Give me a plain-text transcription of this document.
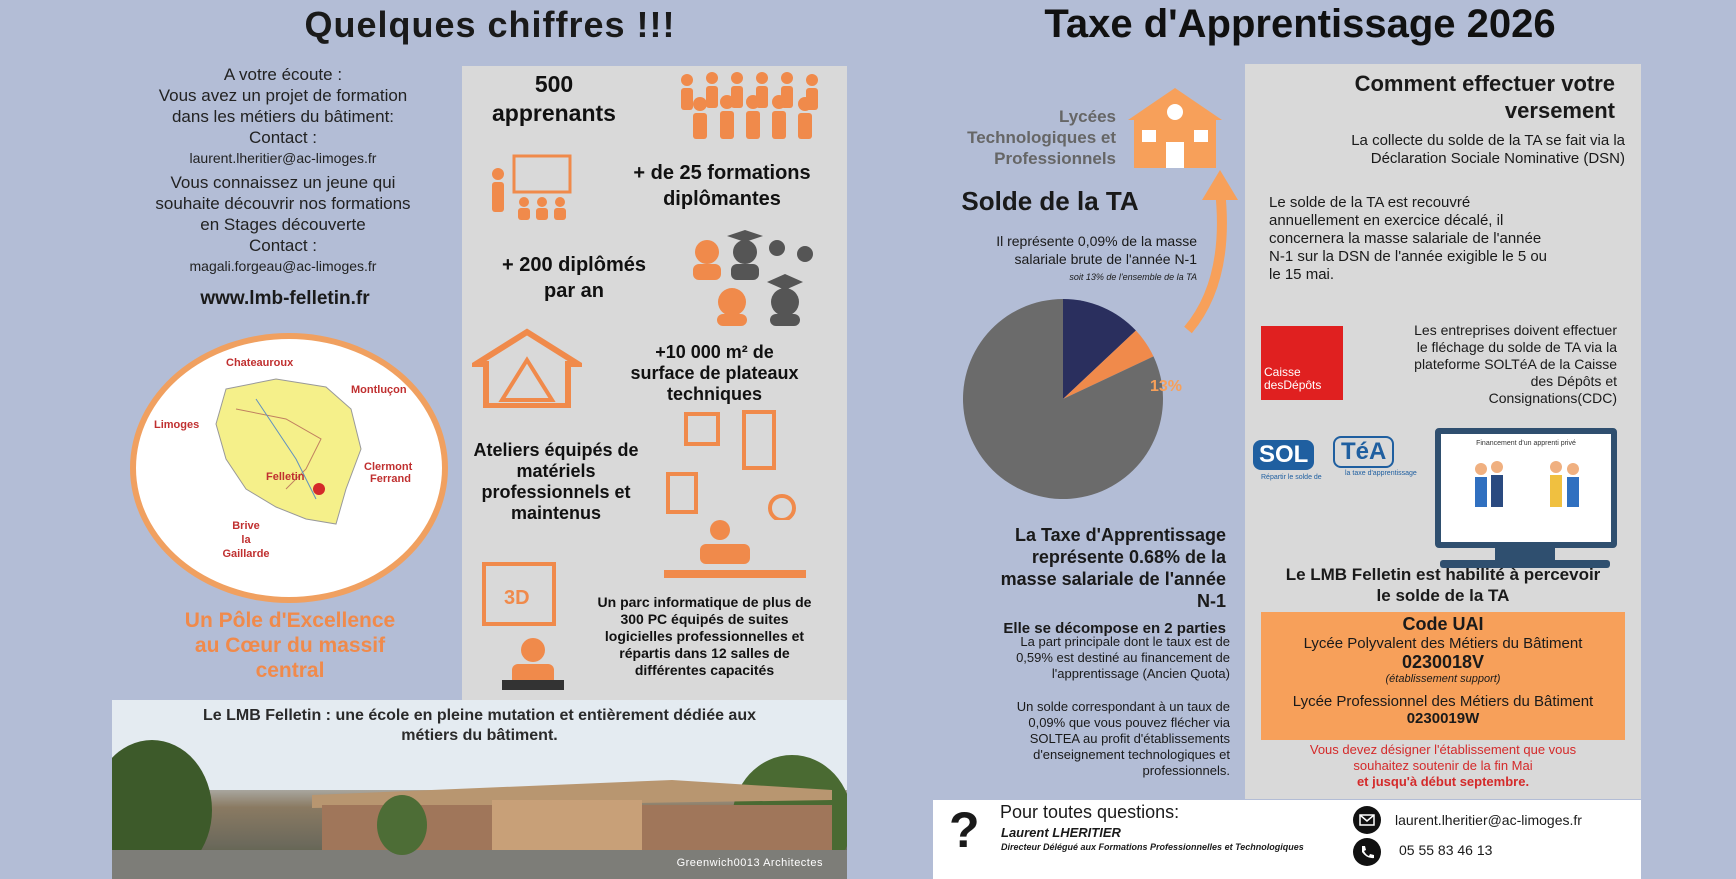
Quelques chiffres !!!
A votre écoute :
Vous avez un projet de formation
dans les métiers du bâtiment:
Contact :
laurent.lheritier@ac-limoges.fr
Vous connaissez un jeune qui
souhaite découvrir nos formations
en Stages découverte
Contact :
magali.forgeau@ac-limoges.fr
www.lmb-felletin.fr
Chateauroux
Montluçon
Limoges
Clermont
Ferrand
Felletin
Brive
la
Gaillarde
Un Pôle d'Excellence
au Cœur du massif
central
500
apprenants
+ de 25 formations
diplômantes
+ 200 diplômés
par an
+10 000 m² de
surface de plateaux
techniques
Ateliers équipés de
matériels
professionnels et
maintenus
3D	Un parc informatique de plus de
300 PC équipés de suites
logicielles professionnelles et
répartis dans 12 salles de
différentes capacités
Le LMB Felletin : une école en pleine mutation et entièrement dédiée aux
métiers du bâtiment.
Greenwich0013 Architectes
Taxe d'Apprentissage 2026
Lycées
Technologiques et
Professionnels
Solde de la TA
Il représente 0,09% de la masse
salariale brute de l'année N-1
soit 13% de l'ensemble de la TA
13%
La Taxe d'Apprentissage
représente 0.68% de la
masse salariale de l'année
N-1
Elle se décompose en 2 parties
La part principale dont le taux est de
0,59% est destiné au financement de
l'apprentissage (Ancien Quota)
Un solde correspondant à un taux de
0,09% que vous pouvez flécher via
SOLTEA au profit d'établissements
d'enseignement technologiques et
professionnels.
Comment effectuer votre
versement
La collecte du solde de la TA se fait via la
Déclaration Sociale Nominative (DSN)
Le solde de la TA est recouvré
annuellement en exercice décalé, il
concernera la masse salariale de l'année
N-1 sur la DSN de l'année exigible le 5 ou
le 15 mai.
Caisse
desDépôts
Les entreprises doivent effectuer
le fléchage du solde de TA via la
plateforme SOLTéA de la Caisse
des Dépôts et
Consignations(CDC)
SOL	TéA
Répartir le solde de
la taxe d'apprentissage
Financement d'un apprenti privé
Le LMB Felletin est habilité à percevoir
le solde de la TA
Code UAI
Lycée Polyvalent des Métiers du Bâtiment
0230018V
(établissement support)
Lycée Professionnel des Métiers du Bâtiment
0230019W
Vous devez désigner l'établissement que vous
souhaitez soutenir de la fin Mai
et jusqu'à début septembre.
? Pour toutes questions:
Laurent LHERITIER
Directeur Délégué aux Formations Professionnelles et Technologiques
laurent.lheritier@ac-limoges.fr
05 55 83 46 13
